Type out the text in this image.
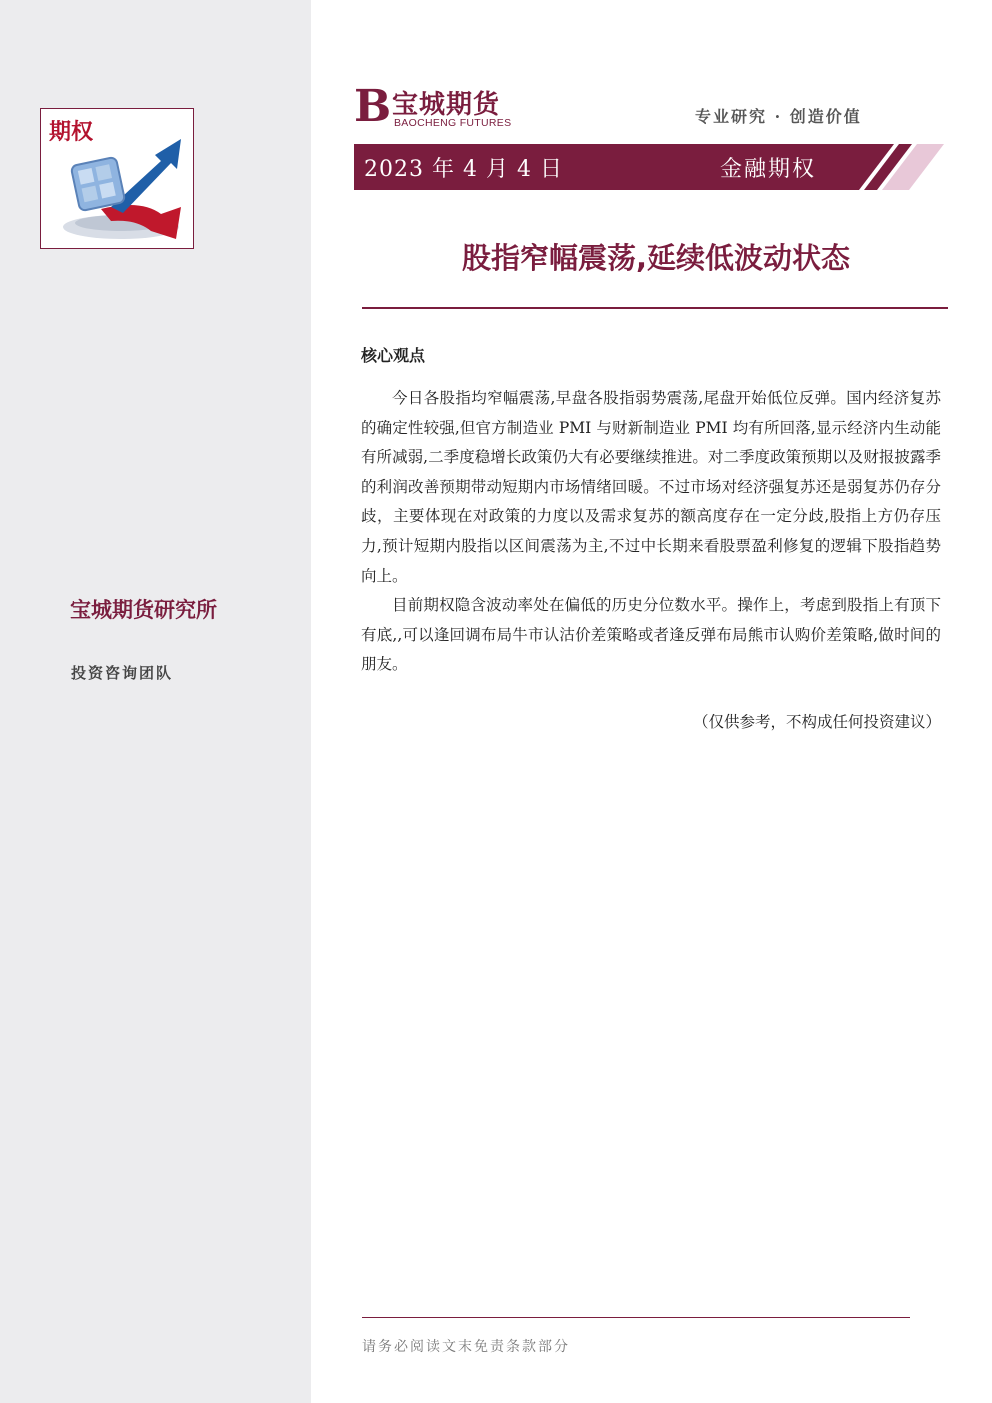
期权
宝城期货研究所
投资咨询团队
B 宝城期货
BAOCHENG FUTURES	专业研究 · 创造价值
2023 年 4 月 4 日	金融期权
股指窄幅震荡,延续低波动状态
核心观点

今日各股指均窄幅震荡,早盘各股指弱势震荡,尾盘开始低位反弹。国内经济复苏的确定性较强,但官方制造业 PMI 与财新制造业 PMI 均有所回落,显示经济内生动能有所减弱,二季度稳增长政策仍大有必要继续推进。对二季度政策预期以及财报披露季的利润改善预期带动短期内市场情绪回暖。不过市场对经济强复苏还是弱复苏仍存分歧，主要体现在对政策的力度以及需求复苏的额高度存在一定分歧,股指上方仍存压力,预计短期内股指以区间震荡为主,不过中长期来看股票盈利修复的逻辑下股指趋势向上。

目前期权隐含波动率处在偏低的历史分位数水平。操作上，考虑到股指上有顶下有底,,可以逢回调布局牛市认沽价差策略或者逢反弹布局熊市认购价差策略,做时间的朋友。

（仅供参考，不构成任何投资建议）
请务必阅读文末免责条款部分
